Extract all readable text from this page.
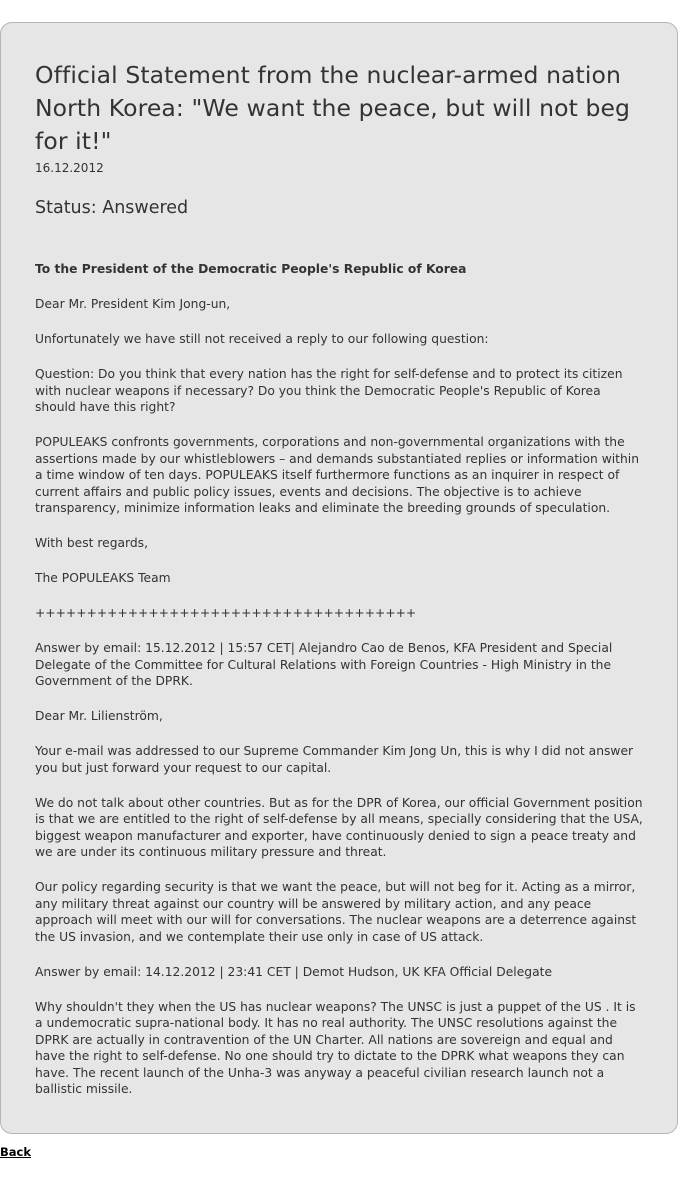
Official Statement from the nuclear-armed nation North Korea: "We want the peace, but will not beg for it!"
16.12.2012
Status: Answered

To the President of the Democratic People's Republic of Korea

Dear Mr. President Kim Jong-un,

Unfortunately we have still not received a reply to our following question:

Question: Do you think that every nation has the right for self-defense and to protect its citizen with nuclear weapons if necessary? Do you think the Democratic People's Republic of Korea should have this right?

POPULEAKS confronts governments, corporations and non-governmental organizations with the assertions made by our whistleblowers – and demands substantiated replies or information within a time window of ten days. POPULEAKS itself furthermore functions as an inquirer in respect of current affairs and public policy issues, events and decisions. The objective is to achieve transparency, minimize information leaks and eliminate the breeding grounds of speculation.

With best regards,

The POPULEAKS Team

+++++++++++++++++++++++++++++++++++++

Answer by email: 15.12.2012 | 15:57 CET| Alejandro Cao de Benos, KFA President and Special Delegate of the Committee for Cultural Relations with Foreign Countries - High Ministry in the Government of the DPRK.

Dear Mr. Lilienström,

Your e-mail was addressed to our Supreme Commander Kim Jong Un, this is why I did not answer you but just forward your request to our capital.

We do not talk about other countries. But as for the DPR of Korea, our official Government position is that we are entitled to the right of self-defense by all means, specially considering that the USA, biggest weapon manufacturer and exporter, have continuously denied to sign a peace treaty and we are under its continuous military pressure and threat.

Our policy regarding security is that we want the peace, but will not beg for it. Acting as a mirror, any military threat against our country will be answered by military action, and any peace approach will meet with our will for conversations. The nuclear weapons are a deterrence against the US invasion, and we contemplate their use only in case of US attack.

Answer by email: 14.12.2012 | 23:41 CET | Demot Hudson, UK KFA Official Delegate

Why shouldn't they when the US has nuclear weapons? The UNSC is just a puppet of the US . It is a undemocratic supra-national body. It has no real authority. The UNSC resolutions against the DPRK are actually in contravention of the UN Charter. All nations are sovereign and equal and have the right to self-defense. No one should try to dictate to the DPRK what weapons they can have. The recent launch of the Unha-3 was anyway a peaceful civilian research launch not a ballistic missile.

Back
